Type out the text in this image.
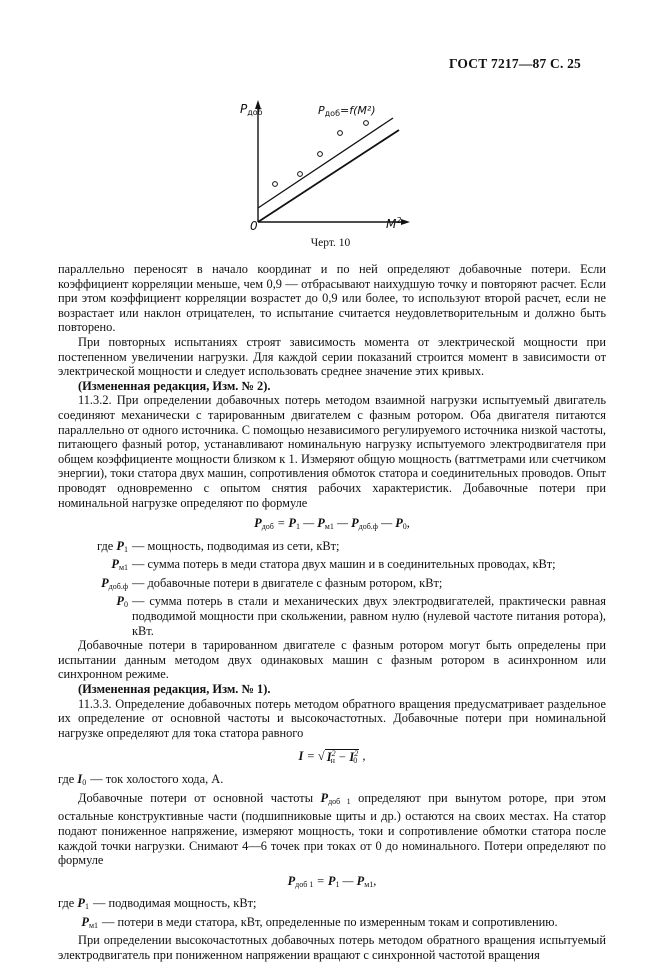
ГОСТ 7217—87 С. 25
$P_{доб}$	$P_{доб}=f(M^2)$
0	$M^2$
Черт. 10

параллельно переносят в начало координат и по ней определяют добавочные потери. Если коэффициент корреляции меньше, чем 0,9 — отбрасывают наихудшую точку и повторяют расчет. Если при этом коэффициент корреляции возрастет до 0,9 или более, то используют второй расчет, если не возрастает или наклон отрицателен, то испытание считается неудовлетворительным и должно быть повторено.

При повторных испытаниях строят зависимость момента от электрической мощности при постепенном увеличении нагрузки. Для каждой серии показаний строится момент в зависимости от электрической мощности и следует использовать среднее значение этих кривых.

(Измененная редакция, Изм. № 2).

11.3.2. При определении добавочных потерь методом взаимной нагрузки испытуемый двигатель соединяют механически с тарированным двигателем с фазным ротором. Оба двигателя питаются параллельно от одного источника. С помощью независимого регулируемого источника низкой частоты, питающего фазный ротор, устанавливают номинальную нагрузку испытуемого электродвигателя при общем коэффициенте мощности близком к 1. Измеряют общую мощность (ваттметрами или счетчиком энергии), токи статора двух машин, сопротивления обмоток статора и соединительных проводов. Опыт проводят одновременно с опытом снятия рабочих характеристик. Добавочные потери при номинальной нагрузке определяют по формуле

$P_{доб} = P_1$ — $P_{м1}$ — $P_{доб.ф}$ — $P_0$,
где $P_1$ — мощность, подводимая из сети, кВт;
$P_{м1}$ — сумма потерь в меди статора двух машин и в соединительных проводах, кВт;
$P_{доб.ф}$ — добавочные потери в двигателе с фазным ротором, кВт;
$P_0$ — сумма потерь в стали и механических двух электродвигателей, практически равная подводимой мощности при скольжении, равном нулю (нулевой частоте питания ротора), кВт.

Добавочные потери в тарированном двигателе с фазным ротором могут быть определены при испытании данным методом двух одинаковых машин с фазным ротором в асинхронном или синхронном режиме.

(Измененная редакция, Изм. № 1).

11.3.3. Определение добавочных потерь методом обратного вращения предусматривает раздельное их определение от основной частоты и высокочастотных. Добавочные потери при номинальной нагрузке определяют для тока статора равного

I = √ $I^2_н - I^2_0$ ,
где $I_0$ — ток холостого хода, А.

Добавочные потери от основной частоты $P_{доб 1}$ определяют при вынутом роторе, при этом остальные конструктивные части (подшипниковые щиты и др.) остаются на своих местах. На статор подают пониженное напряжение, измеряют мощность, токи и сопротивление обмотки статора после каждой точки нагрузки. Снимают 4—6 точек при токах от 0 до номинального. Потери определяют по формуле

$P_{доб 1} = P_1$ — $P_{м1}$,
где $P_1$ — подводимая мощность, кВт;
$P_{м1}$ — потери в меди статора, кВт, определенные по измеренным токам и сопротивлению.

При определении высокочастотных добавочных потерь методом обратного вращения испытуемый электродвигатель при пониженном напряжении вращают с синхронной частотой вращения
